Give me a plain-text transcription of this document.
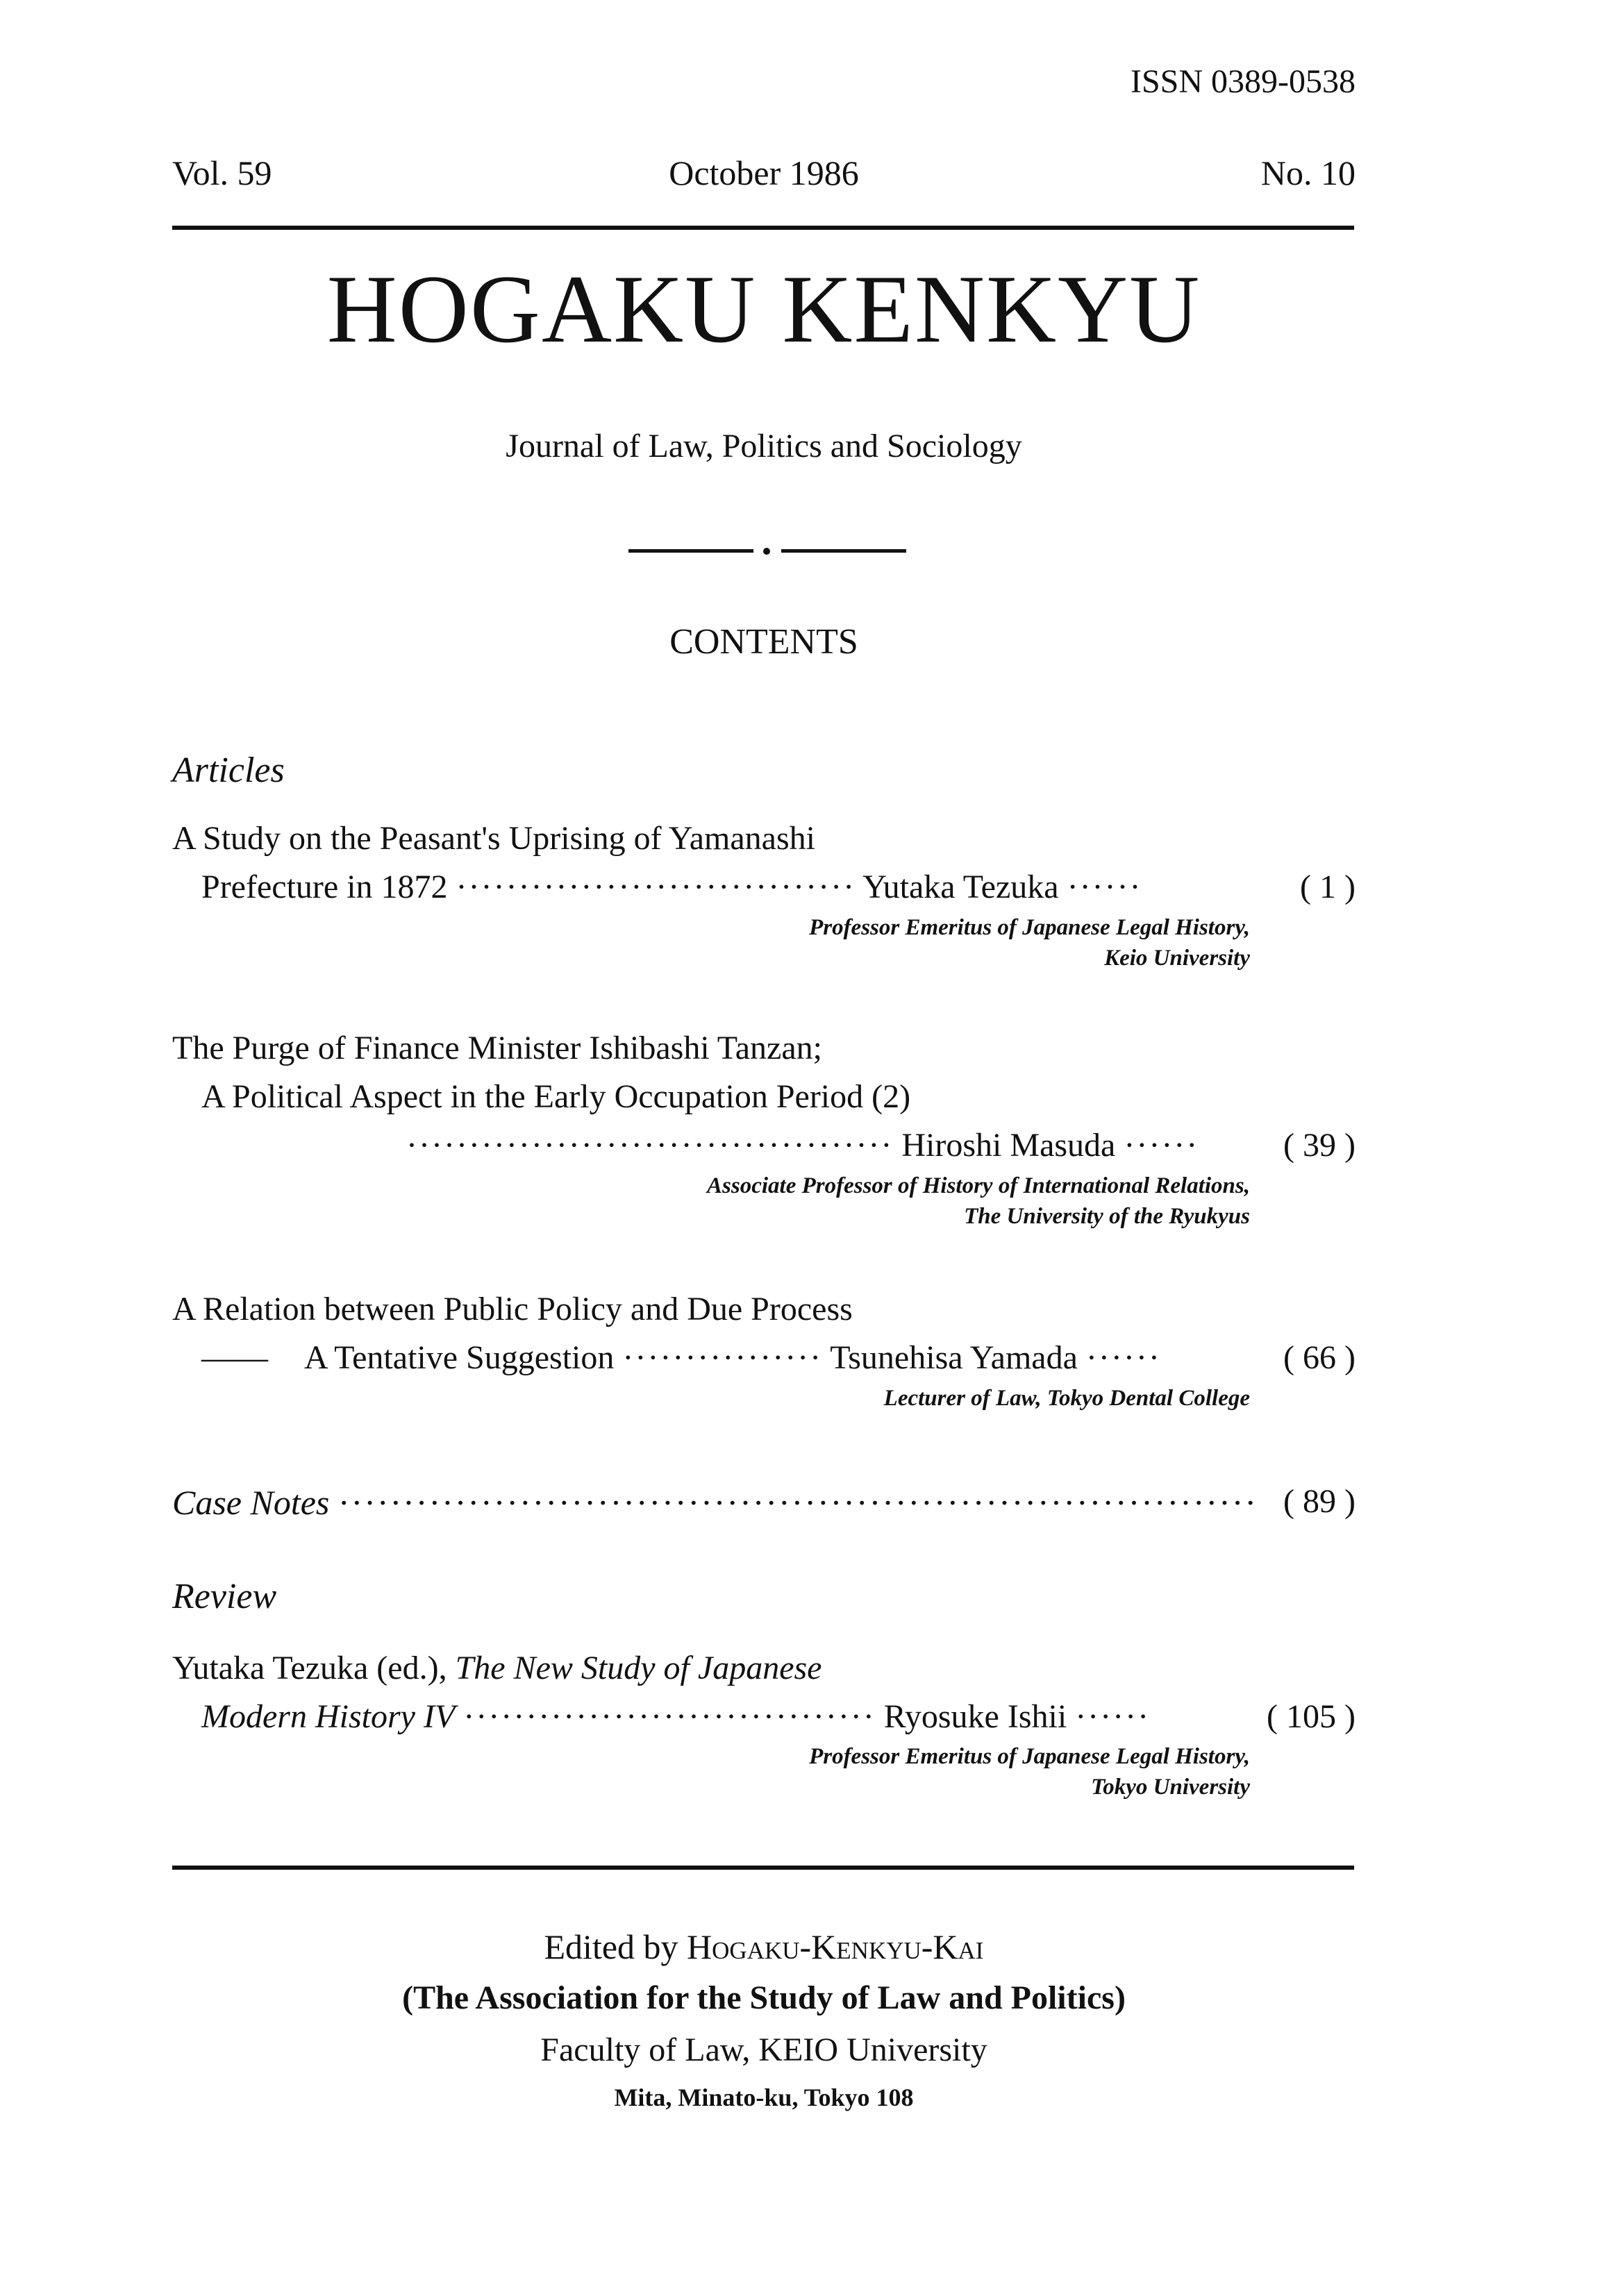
ISSN 0389-0538
Vol. 59	October 1986	No. 10
HOGAKU KENKYU
Journal of Law, Politics and Sociology
CONTENTS
Articles
A Study on the Peasant's Uprising of Yamanashi
Prefecture in 1872 ································ Yutaka Tezuka ······	( 1 )
Professor Emeritus of Japanese Legal History,
Keio University
The Purge of Finance Minister Ishibashi Tanzan;
A Political Aspect in the Early Occupation Period (2)
······································· Hiroshi Masuda ······	( 39 )
Associate Professor of History of International Relations,
The University of the Ryukyus
A Relation between Public Policy and Due Process
—— A Tentative Suggestion ················ Tsunehisa Yamada ······	( 66 )
Lecturer of Law, Tokyo Dental College
Case Notes ······································································· ( 89 )
Review
Yutaka Tezuka (ed.), The New Study of Japanese
Modern History IV ································· Ryosuke Ishii ······	( 105 )
Professor Emeritus of Japanese Legal History,
Tokyo University
Edited by Hogaku-Kenkyu-Kai
(The Association for the Study of Law and Politics)
Faculty of Law, KEIO University
Mita, Minato-ku, Tokyo 108
